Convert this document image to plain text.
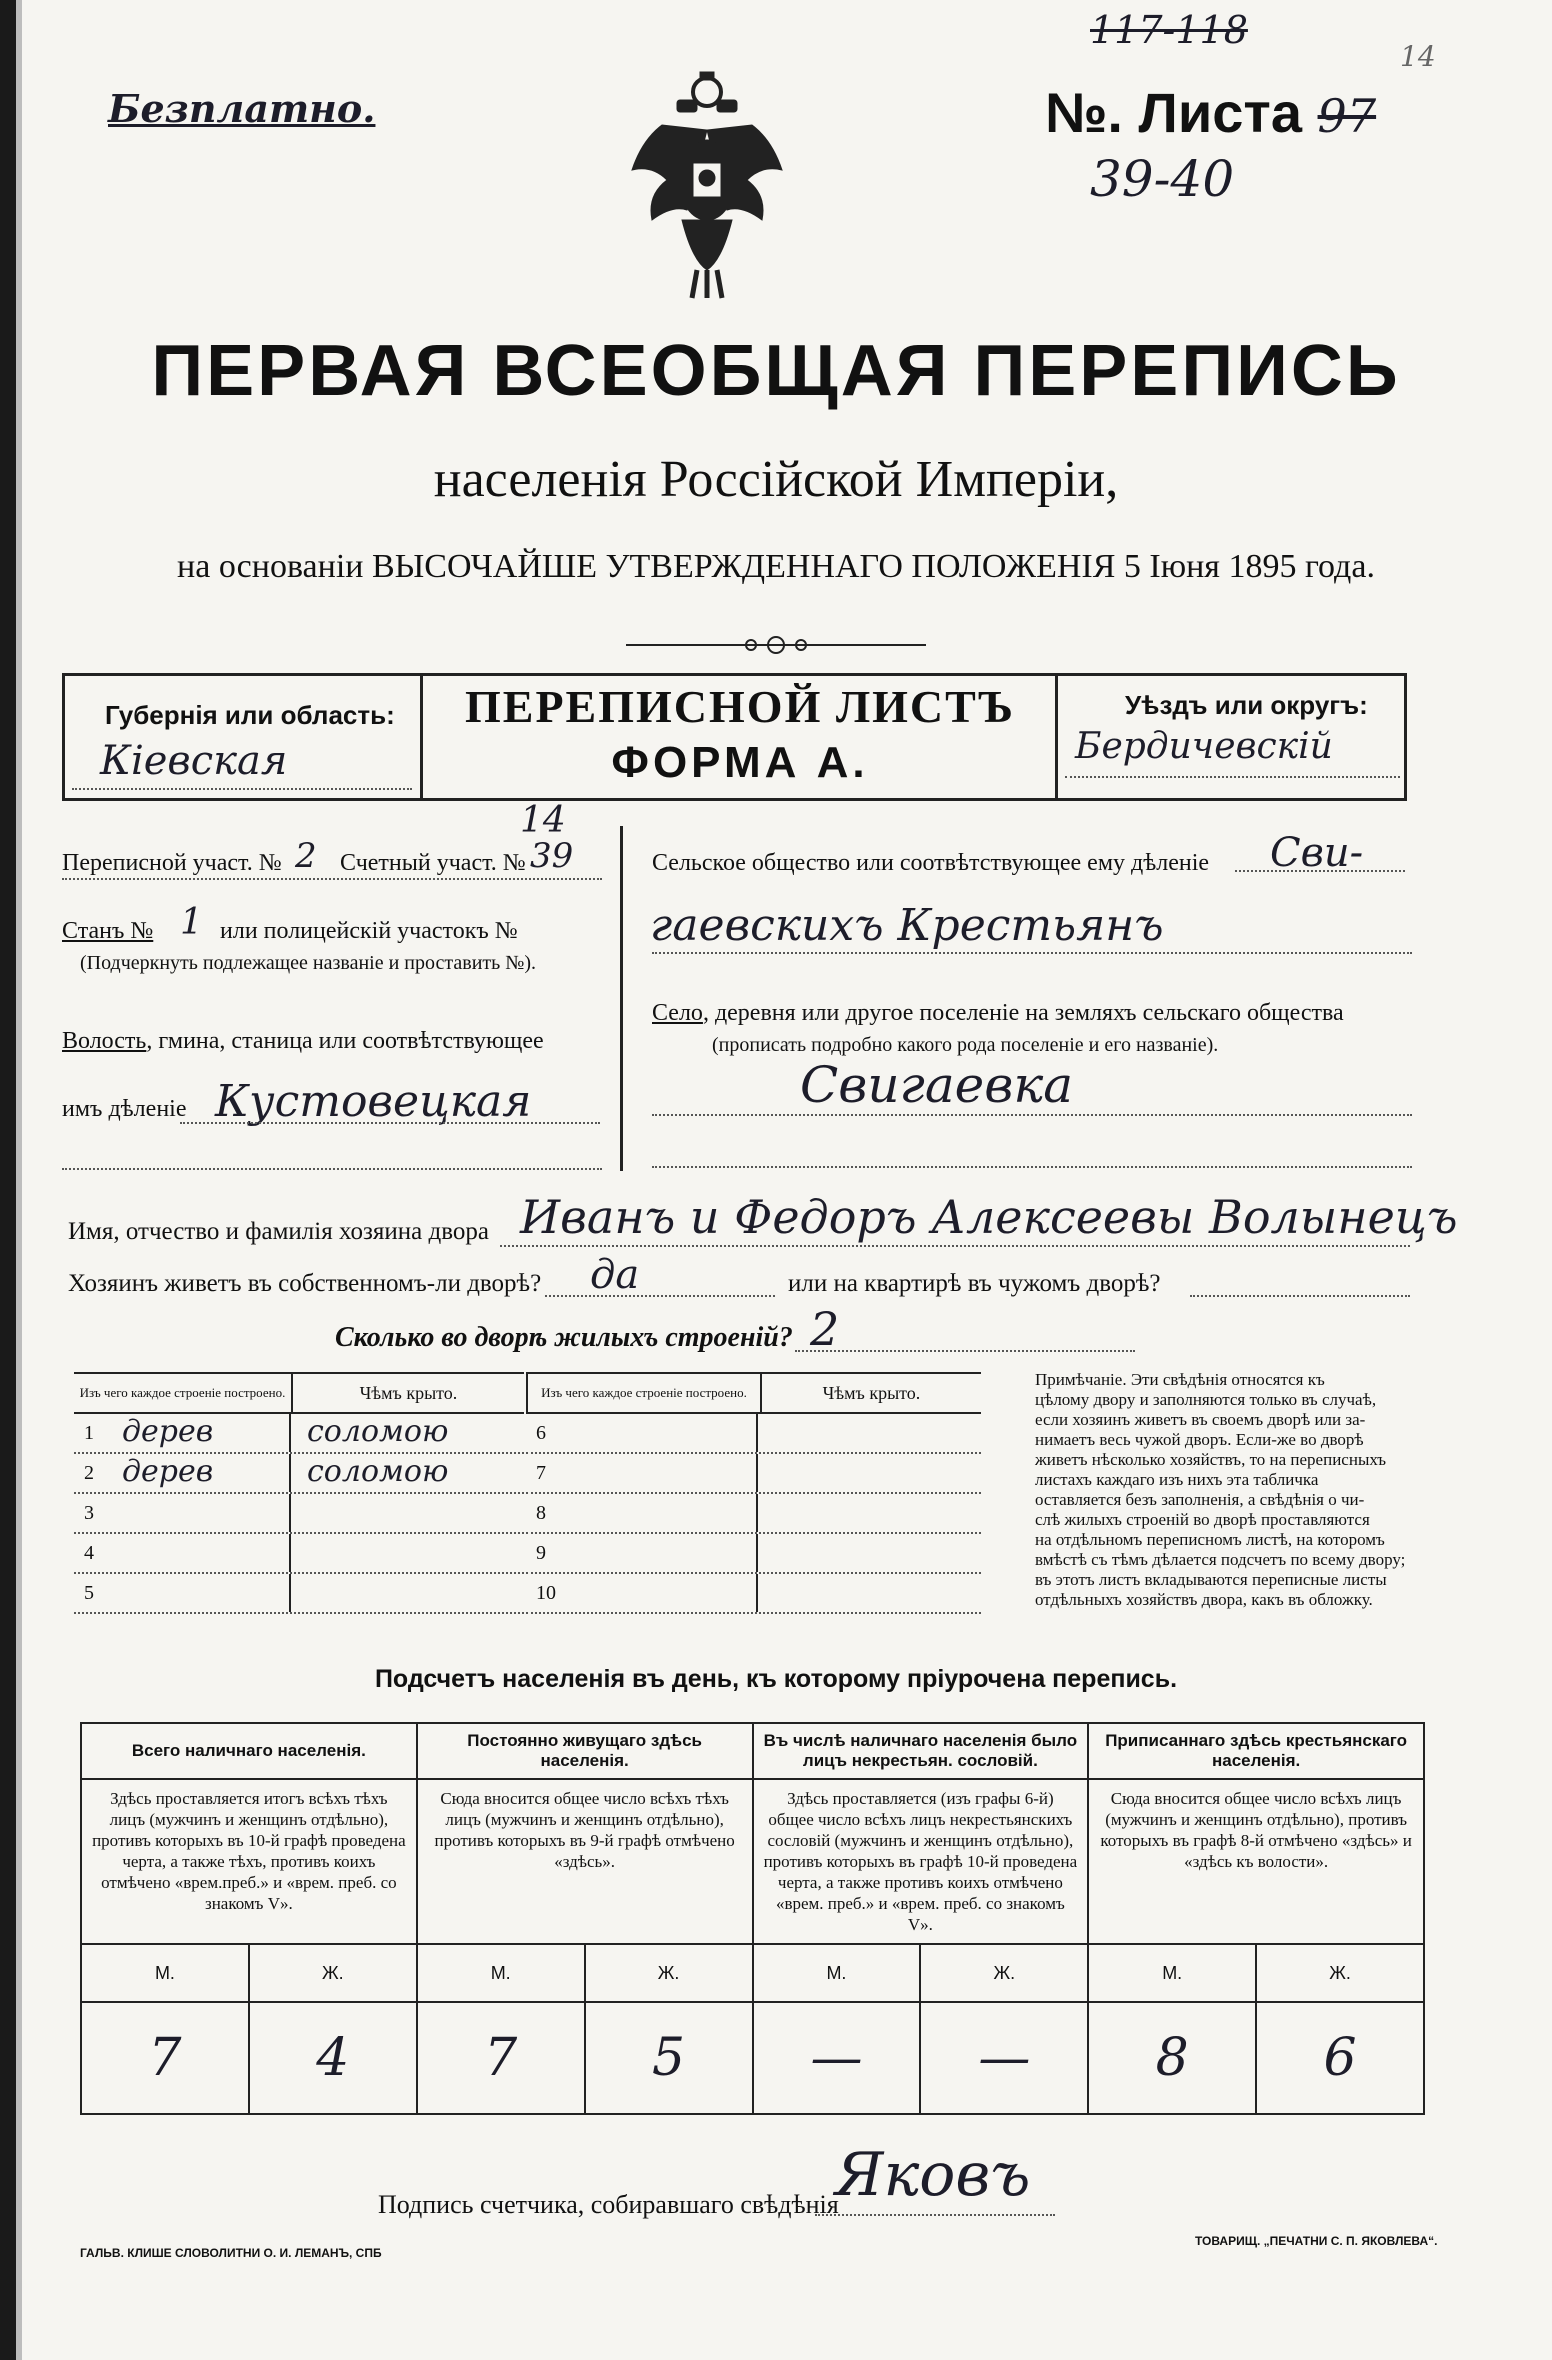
Безплатно.
117-118
14
№. Листа 97
39-40
ПЕРВАЯ ВСЕОБЩАЯ ПЕРЕПИСЬ
населенія Россійской Имперіи,
на основаніи ВЫСОЧАЙШЕ УТВЕРЖДЕННАГО ПОЛОЖЕНІЯ 5 Іюня 1895 года.
Губернія или область:
Кіевская
ПЕРЕПИСНОЙ ЛИСТЪ
ФОРМА А.
Уѣздъ или округъ:
Бердичевскій
Переписной участ. № 2 Счетный участ. №
14
39
Станъ № 1 или полицейскій участокъ №
(Подчеркнуть подлежащее названіе и проставить №).
Волость, гмина, станица или соотвѣтствующее
имъ дѣленіе Кустовецкая
Сельское общество или соотвѣтствующее ему дѣленіе Сви-
гаевскихъ Крестьянъ
Село, деревня или другое поселеніе на земляхъ сельскаго общества
(прописать подробно какого рода поселеніе и его названіе).
Свигаевка
Имя, отчество и фамилія хозяина двора Иванъ и Федоръ Алексеевы Волынецъ
Хозяинъ живетъ въ собственномъ-ли дворѣ? да	или на квартирѣ въ чужомъ дворѣ?
Сколько во дворѣ жилыхъ строеній? 2
Изъ чего каждое строеніе построено.	Чѣмъ крыто.
1 дерев	соломою
2 дерев	соломою
3
4
5
Изъ чего каждое строеніе построено.	Чѣмъ крыто.
6
7
8
9
10

Примѣчаніе. Эти свѣдѣнія относятся къ

цѣлому двору и заполняются только въ случаѣ,

если хозяинъ живетъ въ своемъ дворѣ или за-

нимаетъ весь чужой дворъ. Если-же во дворѣ

живетъ нѣсколько хозяйствъ, то на переписныхъ

листахъ каждаго изъ нихъ эта табличка

оставляется безъ заполненія, а свѣдѣнія о чи-

слѣ жилыхъ строеній во дворѣ проставляются

на отдѣльномъ переписномъ листѣ, на которомъ

вмѣстѣ съ тѣмъ дѣлается подсчетъ по всему двору;

въ этотъ листъ вкладываются переписные листы

отдѣльныхъ хозяйствъ двора, какъ въ обложку.

Подсчетъ населенія въ день, къ которому пріурочена перепись.
Всего наличнаго населенія.		Постоянно живущаго здѣсь населенія.		Въ числѣ наличнаго населенія было лицъ некрестьян. сословій.		Приписаннаго здѣсь крестьянскаго населенія.	
Здѣсь проставляется итогъ всѣхъ тѣхъ лицъ (мужчинъ и женщинъ отдѣльно), противъ которыхъ въ 10-й графѣ проведена черта, а также тѣхъ, противъ коихъ отмѣчено «врем.преб.» и «врем. преб. со знакомъ V».		Сюда вносится общее число всѣхъ тѣхъ лицъ (мужчинъ и женщинъ отдѣльно), противъ которыхъ въ 9-й графѣ отмѣчено «здѣсь».		Здѣсь проставляется (изъ графы 6-й) общее число всѣхъ лицъ некрестьянскихъ сословій (мужчинъ и женщинъ отдѣльно), противъ которыхъ въ графѣ 10-й проведена черта, а также противъ коихъ отмѣчено «врем. преб.» и «врем. преб. со знакомъ V».		Сюда вносится общее число всѣхъ лицъ (мужчинъ и женщинъ отдѣльно), противъ которыхъ въ графѣ 8-й отмѣчено «здѣсь» и «здѣсь къ волости».	
М.	Ж.	М.	Ж.	М.	Ж.	М.	Ж.
7	4	7	5	—	—	8	6
Подпись счетчика, собиравшаго свѣдѣнія
Яковъ
ГАЛЬВ. КЛИШЕ СЛОВОЛИТНИ О. И. ЛЕМАНЪ, СПБ
ТОВАРИЩ. „ПЕЧАТНИ С. П. ЯКОВЛЕВА“.
